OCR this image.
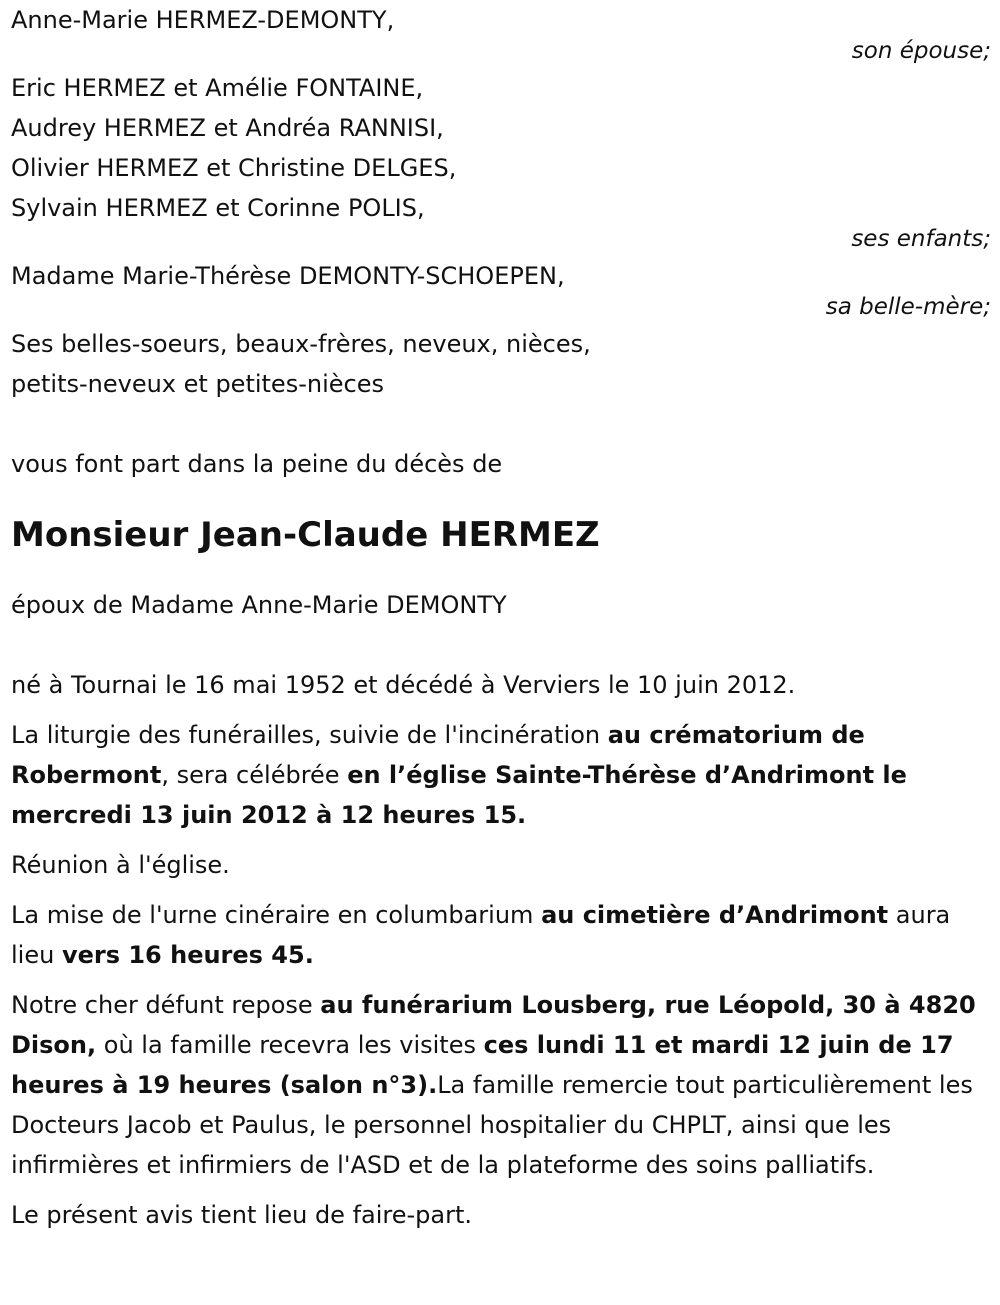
Anne-Marie HERMEZ-DEMONTY,
son épouse;
Eric HERMEZ et Amélie FONTAINE,
Audrey HERMEZ et Andréa RANNISI,
Olivier HERMEZ et Christine DELGES,
Sylvain HERMEZ et Corinne POLIS,
ses enfants;
Madame Marie-Thérèse DEMONTY-SCHOEPEN,
sa belle-mère;
Ses belles-soeurs, beaux-frères, neveux, nièces,
petits-neveux et petites-nièces
vous font part dans la peine du décès de
Monsieur Jean-Claude HERMEZ
époux de Madame Anne-Marie DEMONTY
né à Tournai le 16 mai 1952 et décédé à Verviers le 10 juin 2012.
La liturgie des funérailles, suivie de l'incinération au crématorium de Robermont, sera célébrée en l’église Sainte-Thérèse d’Andrimont le mercredi 13 juin 2012 à 12 heures 15.
Réunion à l'église.
La mise de l'urne cinéraire en columbarium au cimetière d’Andrimont aura lieu vers 16 heures 45.
Notre cher défunt repose au funérarium Lousberg, rue Léopold, 30 à 4820 Dison, où la famille recevra les visites ces lundi 11 et mardi 12 juin de 17 heures à 19 heures (salon n°3).La famille remercie tout particulièrement les Docteurs Jacob et Paulus, le personnel hospitalier du CHPLT, ainsi que les infirmières et infirmiers de l'ASD et de la plateforme des soins palliatifs.
Le présent avis tient lieu de faire-part.
